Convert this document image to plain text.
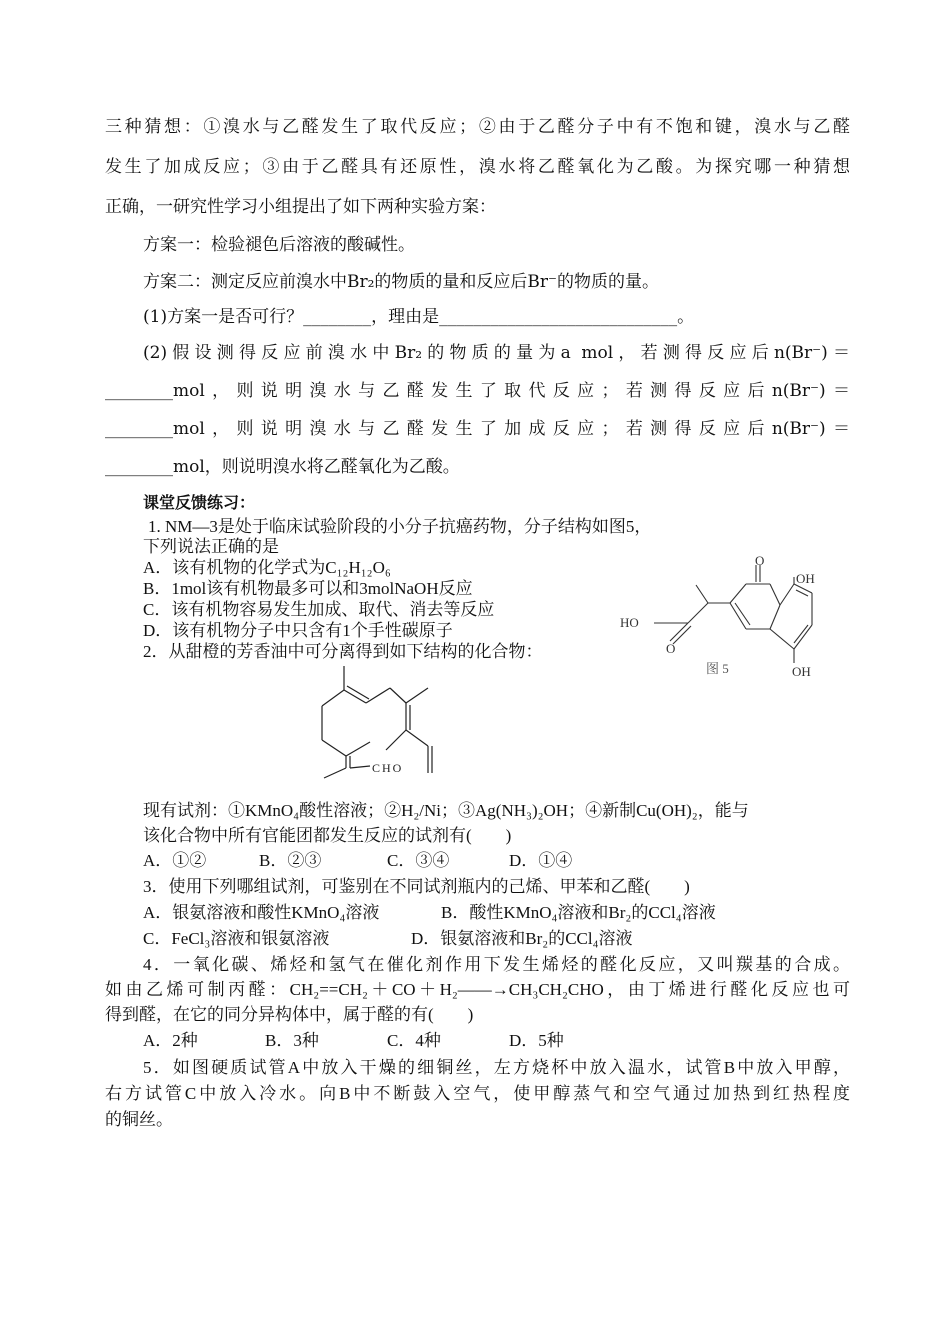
三种猜想：①溴水与乙醛发生了取代反应；②由于乙醛分子中有不饱和键，溴水与乙醛
发生了加成反应；③由于乙醛具有还原性，溴水将乙醛氧化为乙酸。为探究哪一种猜想
正确，一研究性学习小组提出了如下两种实验方案：
方案一：检验褪色后溶液的酸碱性。
方案二：测定反应前溴水中Br₂的物质的量和反应后Br⁻的物质的量。
(1)方案一是否可行？________，理由是____________________________。
(2)假设测得反应前溴水中Br₂的物质的量为a mol，若测得反应后n(Br⁻)＝
________mol，则说明溴水与乙醛发生了取代反应；若测得反应后n(Br⁻)＝
________mol，则说明溴水与乙醛发生了加成反应；若测得反应后n(Br⁻)＝
________mol，则说明溴水将乙醛氧化为乙酸。
课堂反馈练习：
1. NM—3是处于临床试验阶段的小分子抗癌药物，分子结构如图5，
下列说法正确的是
A．该有机物的化学式为C₁₂H₁₂O₆
B．1mol该有机物最多可以和3molNaOH反应
C．该有机物容易发生加成、取代、消去等反应
D．该有机物分子中只含有1个手性碳原子
O
OH
HO
O
图 5	OH
2．从甜橙的芳香油中可分离得到如下结构的化合物：
CHO
现有试剂：①KMnO₄酸性溶液；②H₂/Ni；③Ag(NH₃)₂OH；④新制Cu(OH)₂，能与
该化合物中所有官能团都发生反应的试剂有(　　)
A．①②	B．②③	C．③④	D．①④
3．使用下列哪组试剂，可鉴别在不同试剂瓶内的己烯、甲苯和乙醛(　　)
A．银氨溶液和酸性KMnO₄溶液	B．酸性KMnO₄溶液和Br₂的CCl₄溶液
C．FeCl₃溶液和银氨溶液	D．银氨溶液和Br₂的CCl₄溶液
4．一氧化碳、烯烃和氢气在催化剂作用下发生烯烃的醛化反应，又叫羰基的合成。
如由乙烯可制丙醛：CH₂==CH₂＋CO＋H₂——→CH₃CH₂CHO，由丁烯进行醛化反应也可
得到醛，在它的同分异构体中，属于醛的有(　　)
A．2种	B．3种	C．4种	D．5种
5．如图硬质试管A中放入干燥的细铜丝，左方烧杯中放入温水，试管B中放入甲醇，
右方试管C中放入冷水。向B中不断鼓入空气，使甲醇蒸气和空气通过加热到红热程度
的铜丝。
